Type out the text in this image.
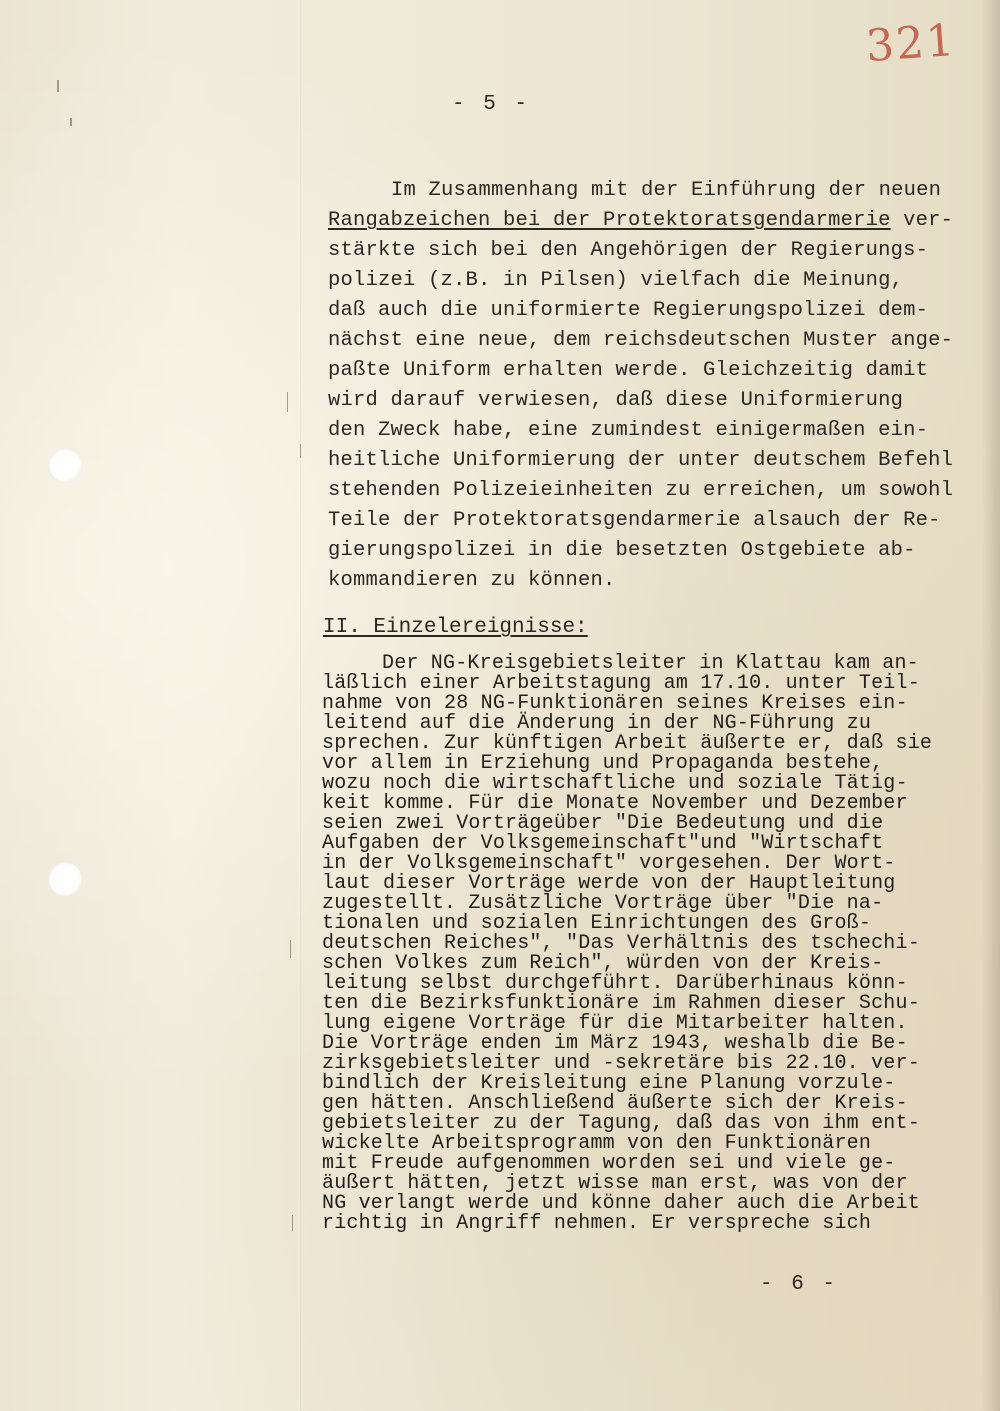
321
- 5 -
Im Zusammenhang mit der Einführung der neuen
Rangabzeichen bei der Protektoratsgendarmerie ver-
stärkte sich bei den Angehörigen der Regierungs-
polizei (z.B. in Pilsen) vielfach die Meinung,
daß auch die uniformierte Regierungspolizei dem-
nächst eine neue, dem reichsdeutschen Muster ange-
paßte Uniform erhalten werde. Gleichzeitig damit
wird darauf verwiesen, daß diese Uniformierung
den Zweck habe, eine zumindest einigermaßen ein-
heitliche Uniformierung der unter deutschem Befehl
stehenden Polizeieinheiten zu erreichen, um sowohl
Teile der Protektoratsgendarmerie alsauch der Re-
gierungspolizei in die besetzten Ostgebiete ab-
kommandieren zu können.
II. Einzelereignisse:
Der NG-Kreisgebietsleiter in Klattau kam an-
läßlich einer Arbeitstagung am 17.10. unter Teil-
nahme von 28 NG-Funktionären seines Kreises ein-
leitend auf die Änderung in der NG-Führung zu
sprechen. Zur künftigen Arbeit äußerte er, daß sie
vor allem in Erziehung und Propaganda bestehe,
wozu noch die wirtschaftliche und soziale Tätig-
keit komme. Für die Monate November und Dezember
seien zwei Vorträgeüber "Die Bedeutung und die
Aufgaben der Volksgemeinschaft"und "Wirtschaft
in der Volksgemeinschaft" vorgesehen. Der Wort-
laut dieser Vorträge werde von der Hauptleitung
zugestellt. Zusätzliche Vorträge über "Die na-
tionalen und sozialen Einrichtungen des Groß-
deutschen Reiches", "Das Verhältnis des tschechi-
schen Volkes zum Reich", würden von der Kreis-
leitung selbst durchgeführt. Darüberhinaus könn-
ten die Bezirksfunktionäre im Rahmen dieser Schu-
lung eigene Vorträge für die Mitarbeiter halten.
Die Vorträge enden im März 1943, weshalb die Be-
zirksgebietsleiter und -sekretäre bis 22.10. ver-
bindlich der Kreisleitung eine Planung vorzule-
gen hätten. Anschließend äußerte sich der Kreis-
gebietsleiter zu der Tagung, daß das von ihm ent-
wickelte Arbeitsprogramm von den Funktionären
mit Freude aufgenommen worden sei und viele ge-
äußert hätten, jetzt wisse man erst, was von der
NG verlangt werde und könne daher auch die Arbeit
richtig in Angriff nehmen. Er verspreche sich
- 6 -
